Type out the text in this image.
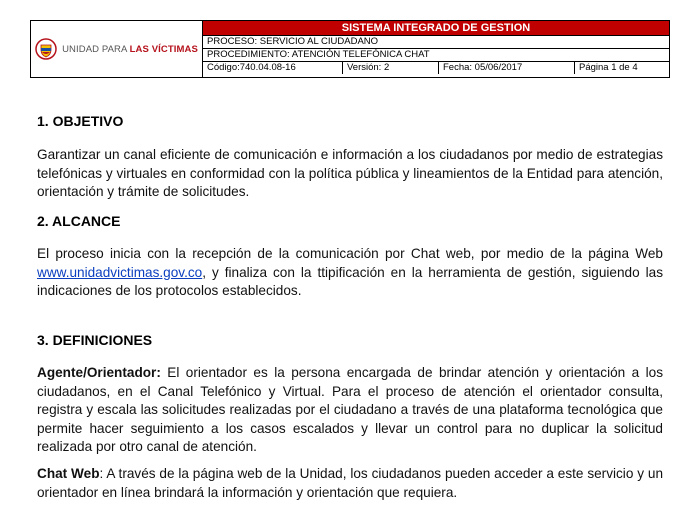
UNIDAD PARA LAS VÍCTIMAS
SISTEMA INTEGRADO DE GESTION
PROCESO: SERVICIO AL CIUDADANO
PROCEDIMIENTO: ATENCIÓN TELEFÓNICA CHAT
Código:740.04.08-16	Versión: 2	Fecha: 05/06/2017	Página 1 de 4
1. OBJETIVO
Garantizar un canal eficiente de comunicación e información a los ciudadanos por medio de estrategias telefónicas y virtuales en conformidad con la política pública y lineamientos de la Entidad para atención, orientación y trámite de solicitudes.
2. ALCANCE
El proceso inicia con la recepción de la comunicación por Chat web, por medio de la página Web www.unidadvictimas.gov.co, y finaliza con la ttipificación en la herramienta de gestión, siguiendo las indicaciones de los protocolos establecidos.
3. DEFINICIONES
Agente/Orientador: El orientador es la persona encargada de brindar atención y orientación a los ciudadanos, en el Canal Telefónico y Virtual. Para el proceso de atención el orientador consulta, registra y escala las solicitudes realizadas por el ciudadano a través de una plataforma tecnológica que permite hacer seguimiento a los casos escalados y llevar un control para no duplicar la solicitud realizada por otro canal de atención.
Chat Web: A través de la página web de la Unidad, los ciudadanos pueden acceder a este servicio y un orientador en línea brindará la información y orientación que requiera.
